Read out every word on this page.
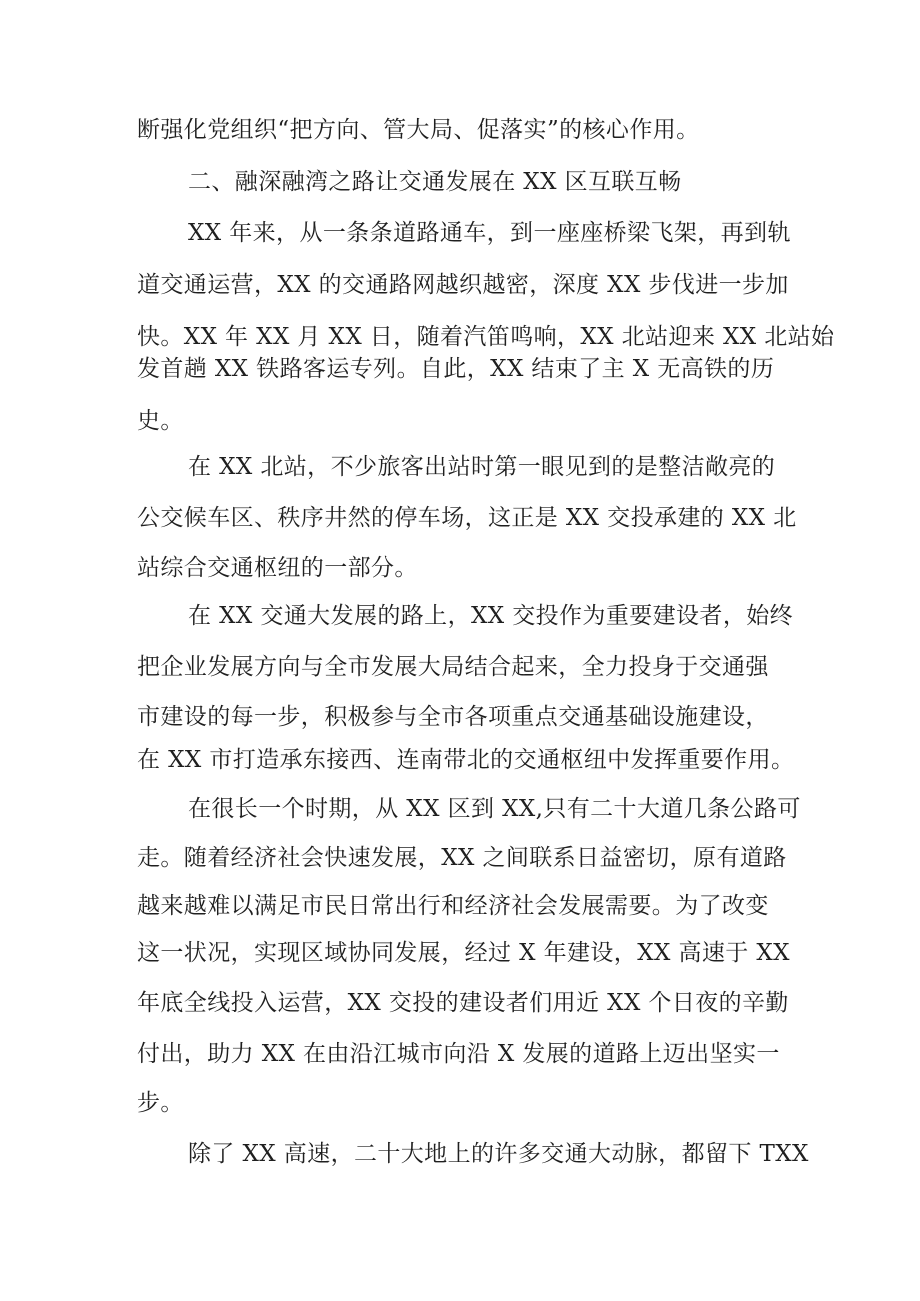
断强化党组织“把方向、管大局、促落实”的核心作用。

二、融深融湾之路让交通发展在 XX 区互联互畅

XX 年来，从一条条道路通车，到一座座桥梁飞架，再到轨

道交通运营，XX 的交通路网越织越密，深度 XX 步伐进一步加

快。XX 年 XX 月 XX 日，随着汽笛鸣响，XX 北站迎来 XX 北站始

发首趟 XX 铁路客运专列。自此，XX 结束了主 X 无高铁的历

史。

在 XX 北站，不少旅客出站时第一眼见到的是整洁敞亮的

公交候车区、秩序井然的停车场，这正是 XX 交投承建的 XX 北

站综合交通枢纽的一部分。

在 XX 交通大发展的路上，XX 交投作为重要建设者，始终

把企业发展方向与全市发展大局结合起来，全力投身于交通强

市建设的每一步，积极参与全市各项重点交通基础设施建设，

在 XX 市打造承东接西、连南带北的交通枢纽中发挥重要作用。

在很长一个时期，从 XX 区到 XX,只有二十大道几条公路可

走。随着经济社会快速发展，XX 之间联系日益密切，原有道路

越来越难以满足市民日常出行和经济社会发展需要。为了改变

这一状况，实现区域协同发展，经过 X 年建设，XX 高速于 XX

年底全线投入运营，XX 交投的建设者们用近 XX 个日夜的辛勤

付出，助力 XX 在由沿江城市向沿 X 发展的道路上迈出坚实一

步。

除了 XX 高速，二十大地上的许多交通大动脉，都留下 TXX
